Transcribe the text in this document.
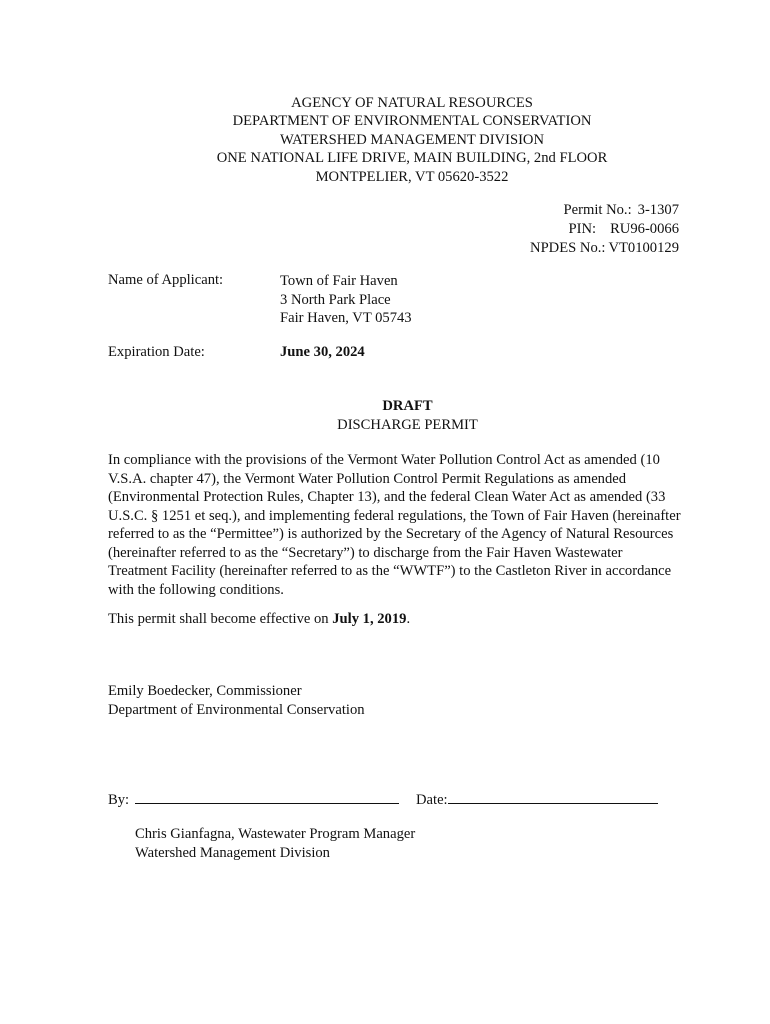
AGENCY OF NATURAL RESOURCES
DEPARTMENT OF ENVIRONMENTAL CONSERVATION
WATERSHED MANAGEMENT DIVISION
ONE NATIONAL LIFE DRIVE, MAIN BUILDING, 2nd FLOOR
MONTPELIER, VT 05620-3522
Permit No.: 3-1307
PIN: RU96-0066
NPDES No.: VT0100129
Name of Applicant:	Town of Fair Haven
3 North Park Place
Fair Haven, VT 05743
Expiration Date:	June 30, 2024
DRAFT
DISCHARGE PERMIT
In compliance with the provisions of the Vermont Water Pollution Control Act as amended (10
V.S.A. chapter 47), the Vermont Water Pollution Control Permit Regulations as amended
(Environmental Protection Rules, Chapter 13), and the federal Clean Water Act as amended (33
U.S.C. § 1251 et seq.), and implementing federal regulations, the Town of Fair Haven (hereinafter
referred to as the “Permittee”) is authorized by the Secretary of the Agency of Natural Resources
(hereinafter referred to as the “Secretary”) to discharge from the Fair Haven Wastewater
Treatment Facility (hereinafter referred to as the “WWTF”) to the Castleton River in accordance
with the following conditions.
This permit shall become effective on July 1, 2019.
Emily Boedecker, Commissioner
Department of Environmental Conservation
By:	Date:
Chris Gianfagna, Wastewater Program Manager
Watershed Management Division
